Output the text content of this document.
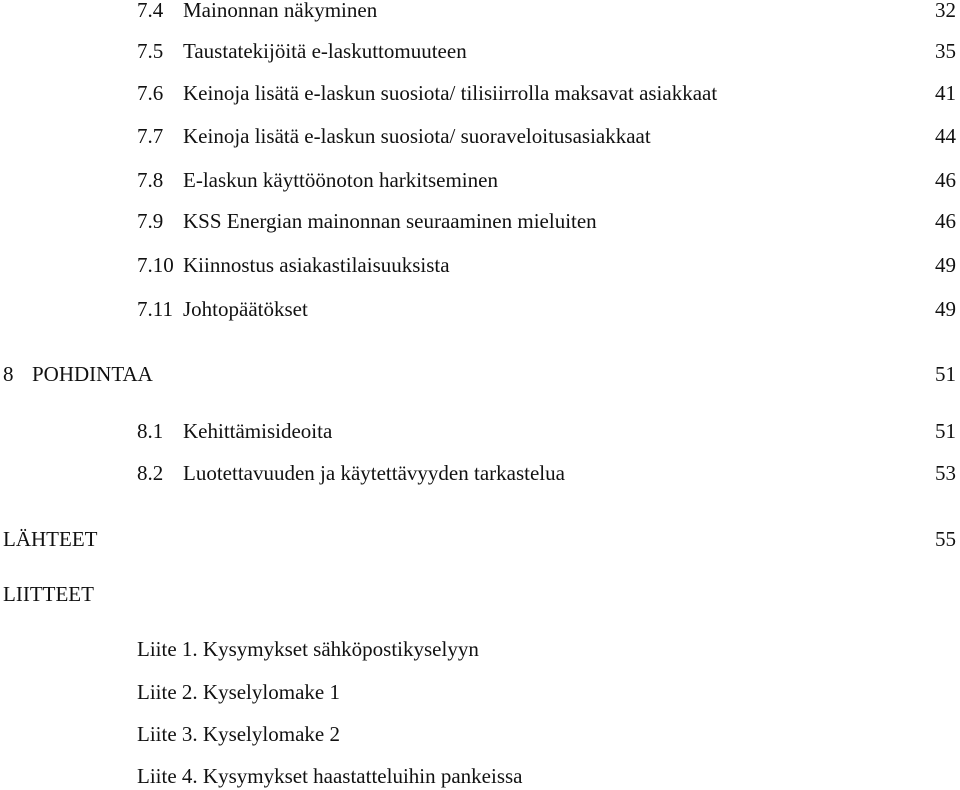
7.4 Mainonnan näkyminen	32
7.5 Taustatekijöitä e-laskuttomuuteen	35
7.6 Keinoja lisätä e-laskun suosiota/ tilisiirrolla maksavat asiakkaat	41
7.7 Keinoja lisätä e-laskun suosiota/ suoraveloitusasiakkaat	44
7.8 E-laskun käyttöönoton harkitseminen	46
7.9 KSS Energian mainonnan seuraaminen mieluiten	46
7.10 Kiinnostus asiakastilaisuuksista	49
7.11 Johtopäätökset	49
8 POHDINTAA	51
8.1 Kehittämisideoita	51
8.2 Luotettavuuden ja käytettävyyden tarkastelua	53
LÄHTEET	55
LIITTEET
Liite 1. Kysymykset sähköpostikyselyyn
Liite 2. Kyselylomake 1
Liite 3. Kyselylomake 2
Liite 4. Kysymykset haastatteluihin pankeissa
